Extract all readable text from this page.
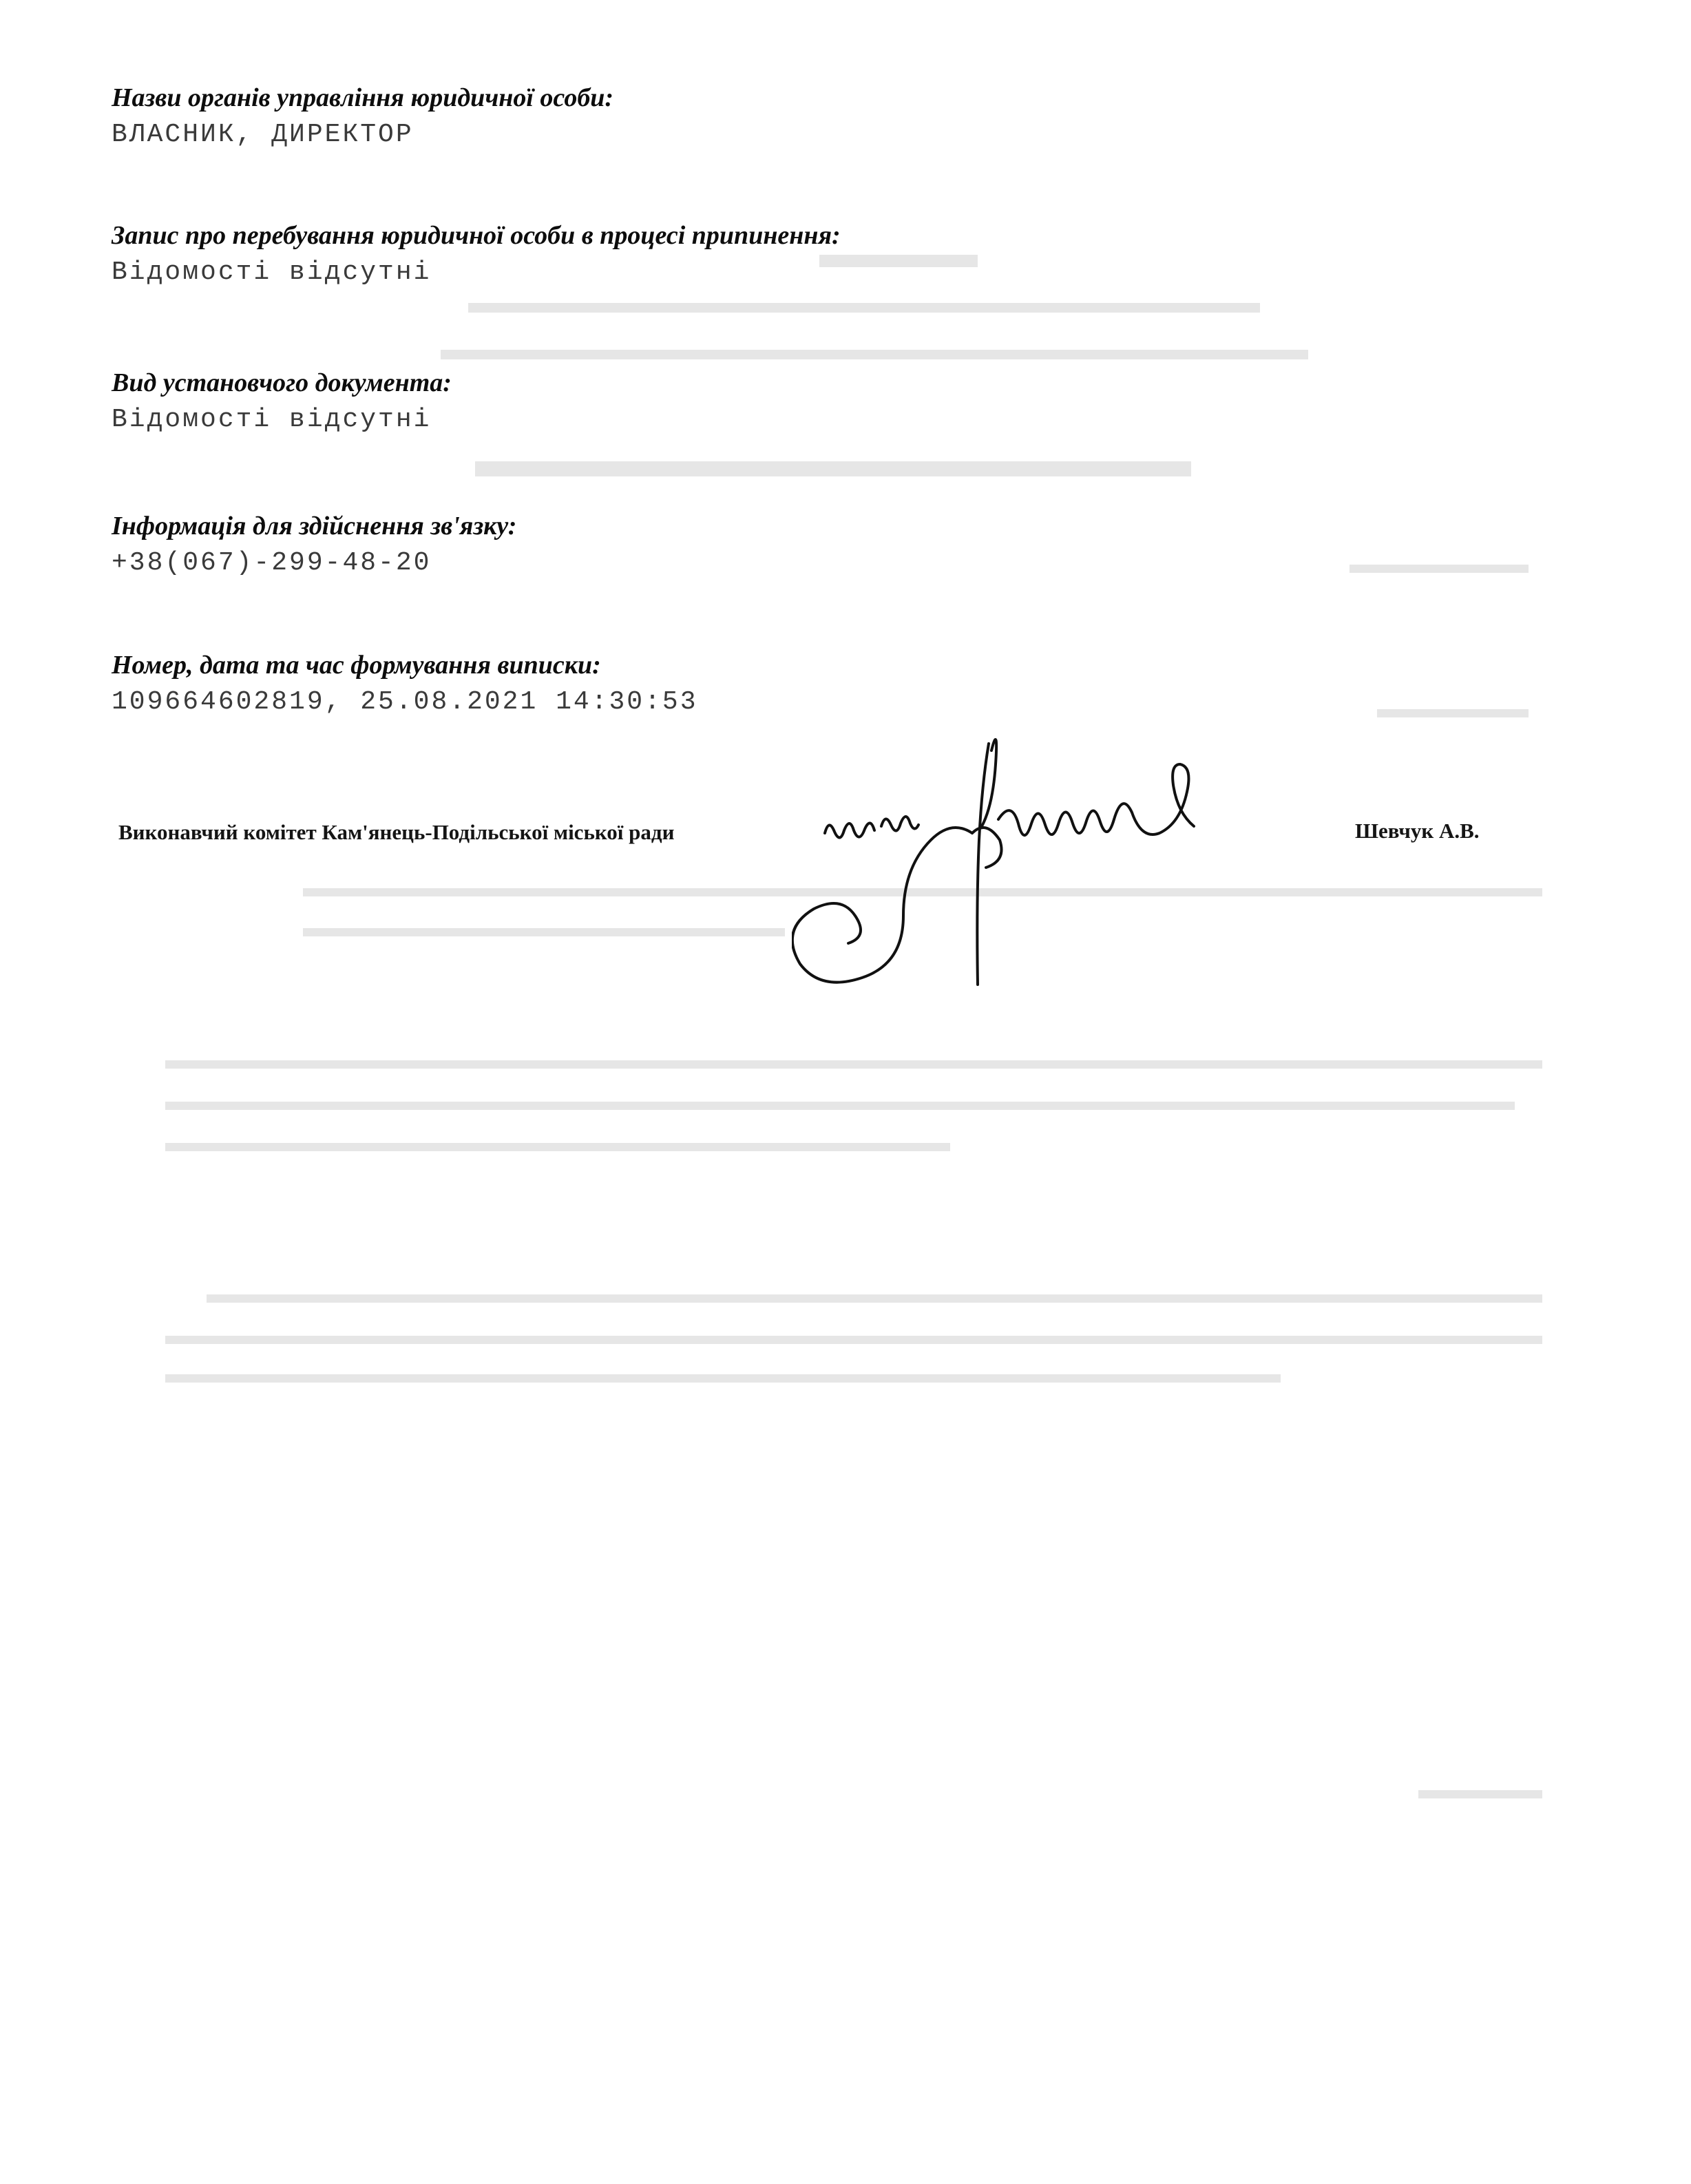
Назви органів управління юридичної особи:
ВЛАСНИК, ДИРЕКТОР
Запис про перебування юридичної особи в процесі припинення:
Відомості відсутні
Вид установчого документа:
Відомості відсутні
Інформація для здійснення зв'язку:
+38(067)-299-48-20
Номер, дата та час формування виписки:
109664602819, 25.08.2021 14:30:53
Виконавчий комітет Кам'янець-Подільської міської ради	Шевчук А.В.
